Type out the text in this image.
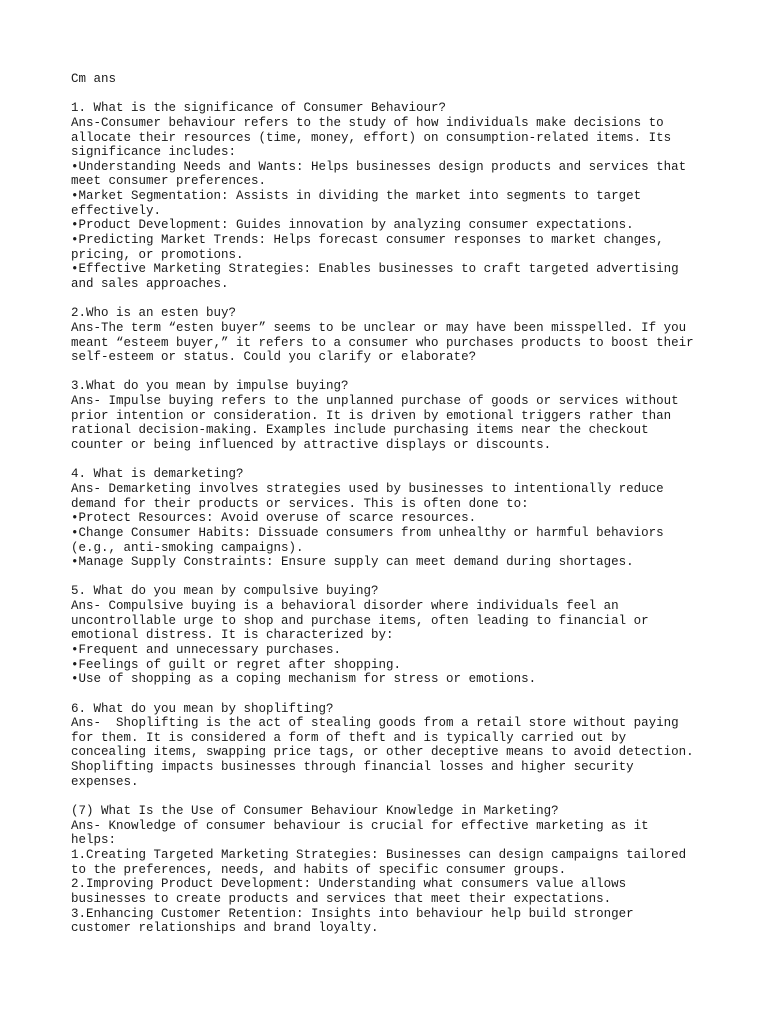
Cm ans
1. What is the significance of Consumer Behaviour?
Ans-Consumer behaviour refers to the study of how individuals make decisions to
allocate their resources (time, money, effort) on consumption-related items. Its
significance includes:
•Understanding Needs and Wants: Helps businesses design products and services that
meet consumer preferences.
•Market Segmentation: Assists in dividing the market into segments to target
effectively.
•Product Development: Guides innovation by analyzing consumer expectations.
•Predicting Market Trends: Helps forecast consumer responses to market changes,
pricing, or promotions.
•Effective Marketing Strategies: Enables businesses to craft targeted advertising
and sales approaches.
2.Who is an esten buy?
Ans-The term “esten buyer” seems to be unclear or may have been misspelled. If you
meant “esteem buyer,” it refers to a consumer who purchases products to boost their
self-esteem or status. Could you clarify or elaborate?
3.What do you mean by impulse buying?
Ans- Impulse buying refers to the unplanned purchase of goods or services without
prior intention or consideration. It is driven by emotional triggers rather than
rational decision-making. Examples include purchasing items near the checkout
counter or being influenced by attractive displays or discounts.
4. What is demarketing?
Ans- Demarketing involves strategies used by businesses to intentionally reduce
demand for their products or services. This is often done to:
•Protect Resources: Avoid overuse of scarce resources.
•Change Consumer Habits: Dissuade consumers from unhealthy or harmful behaviors
(e.g., anti-smoking campaigns).
•Manage Supply Constraints: Ensure supply can meet demand during shortages.
5. What do you mean by compulsive buying?
Ans- Compulsive buying is a behavioral disorder where individuals feel an
uncontrollable urge to shop and purchase items, often leading to financial or
emotional distress. It is characterized by:
•Frequent and unnecessary purchases.
•Feelings of guilt or regret after shopping.
•Use of shopping as a coping mechanism for stress or emotions.
6. What do you mean by shoplifting?
Ans-  Shoplifting is the act of stealing goods from a retail store without paying
for them. It is considered a form of theft and is typically carried out by
concealing items, swapping price tags, or other deceptive means to avoid detection.
Shoplifting impacts businesses through financial losses and higher security
expenses.
(7) What Is the Use of Consumer Behaviour Knowledge in Marketing?
Ans- Knowledge of consumer behaviour is crucial for effective marketing as it
helps:
1.Creating Targeted Marketing Strategies: Businesses can design campaigns tailored
to the preferences, needs, and habits of specific consumer groups.
2.Improving Product Development: Understanding what consumers value allows
businesses to create products and services that meet their expectations.
3.Enhancing Customer Retention: Insights into behaviour help build stronger
customer relationships and brand loyalty.
